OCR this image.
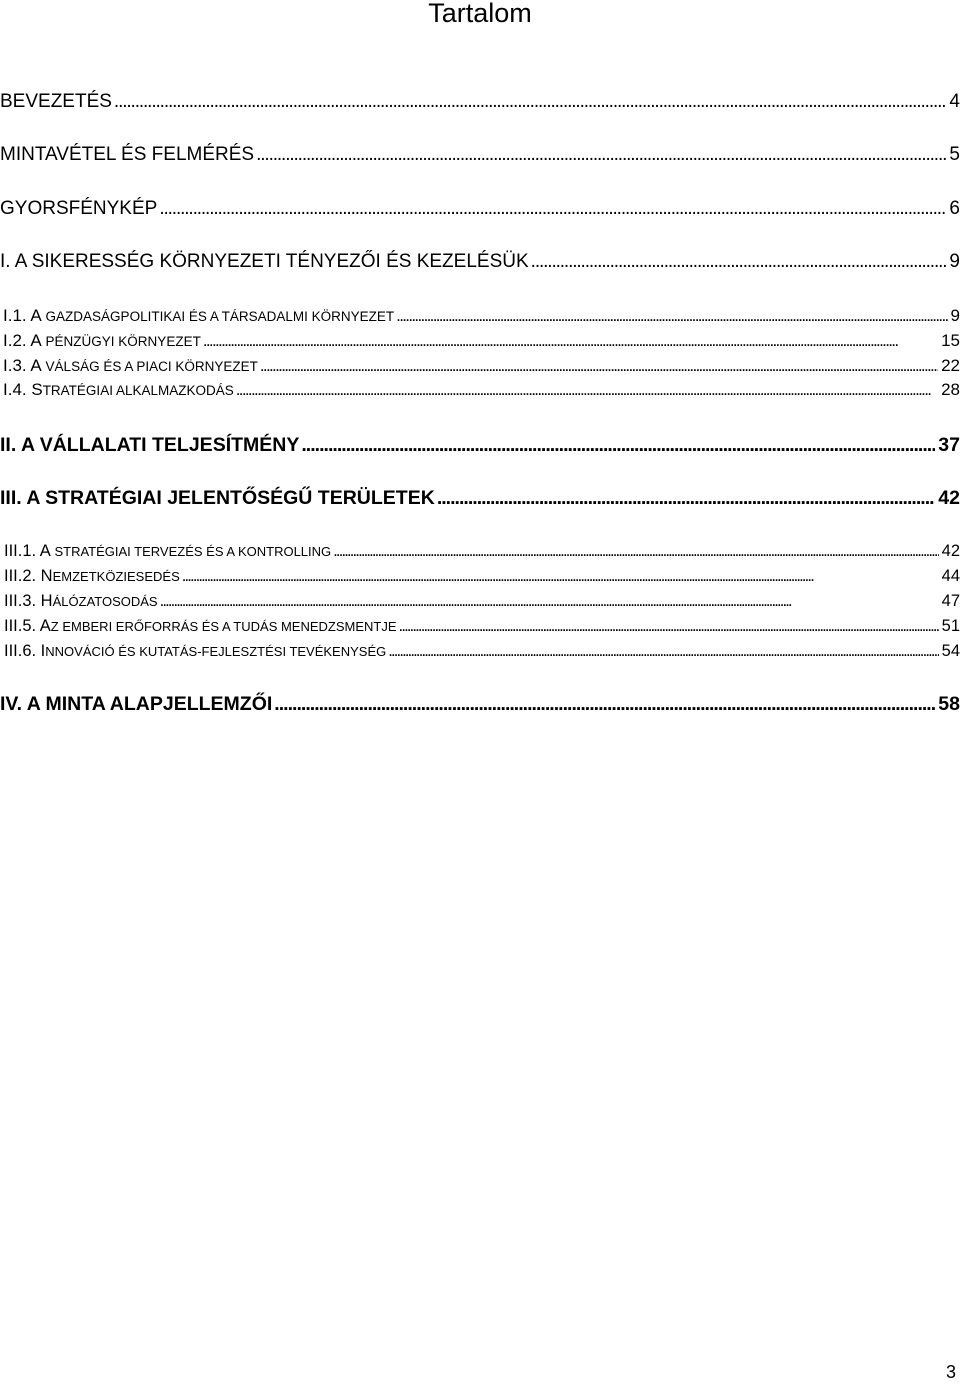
Tartalom
BEVEZETÉS . . .	4
MINTAVÉTEL ÉS FELMÉRÉS . . .	5
GYORSFÉNYKÉP . . .	6
I. A SIKERESSÉG KÖRNYEZETI TÉNYEZŐI ÉS KEZELÉSÜK . . .	9
I.1. A GAZDASÁGPOLITIKAI ÉS A TÁRSADALMI KÖRNYEZET . . .	9
I.2. A PÉNZÜGYI KÖRNYEZET . . .	15
I.3. A VÁLSÁG ÉS A PIACI KÖRNYEZET . . .	22
I.4. STRATÉGIAI ALKALMAZKODÁS . . .	28
II. A VÁLLALATI TELJESÍTMÉNY . . .	37
III. A STRATÉGIAI JELENTŐSÉGŰ TERÜLETEK . . .	42
III.1. A STRATÉGIAI TERVEZÉS ÉS A KONTROLLING . . .	42
III.2. NEMZETKÖZIESEDÉS . . .	44
III.3. HÁLÓZATOSODÁS . . .	47
III.5. AZ EMBERI ERŐFORRÁS ÉS A TUDÁS MENEDZSMENTJE . . .	51
III.6. INNOVÁCIÓ ÉS KUTATÁS-FEJLESZTÉSI TEVÉKENYSÉG . . .	54
IV. A MINTA ALAPJELLEMZŐI . . .	58
3
